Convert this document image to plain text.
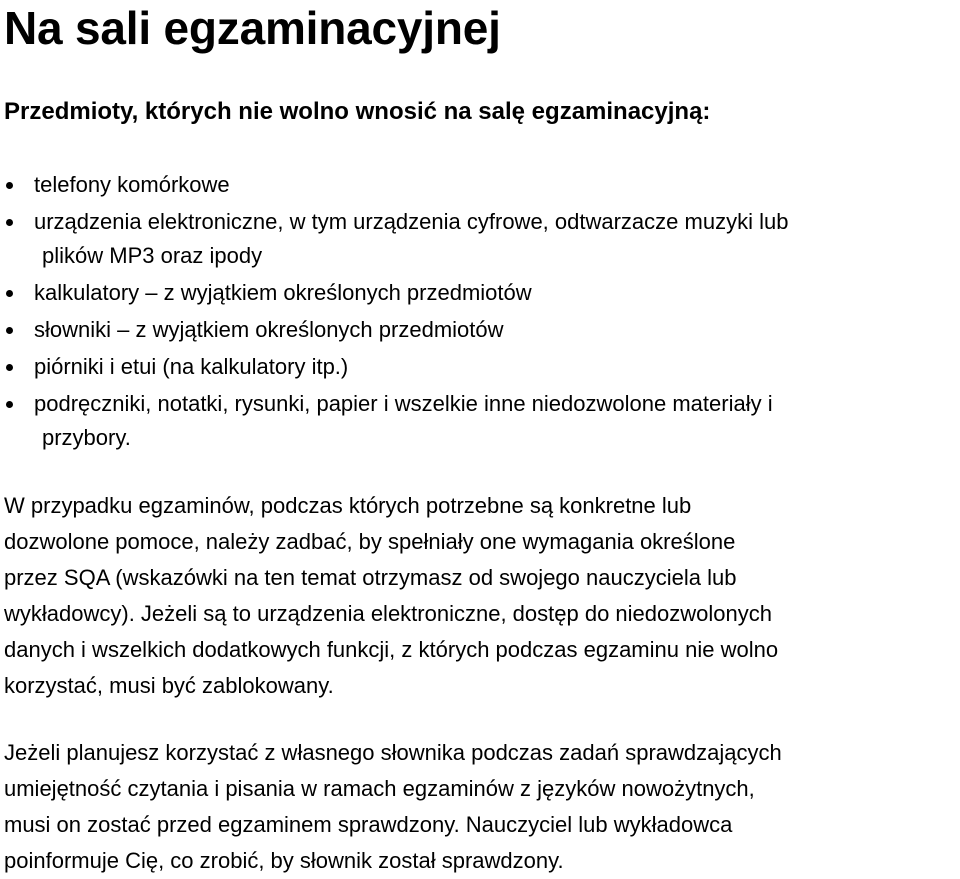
Na sali egzaminacyjnej
Przedmioty, których nie wolno wnosić na salę egzaminacyjną:
telefony komórkowe
urządzenia elektroniczne, w tym urządzenia cyfrowe, odtwarzacze muzyki lub
plików MP3 oraz ipody
kalkulatory – z wyjątkiem określonych przedmiotów
słowniki – z wyjątkiem określonych przedmiotów
piórniki i etui (na kalkulatory itp.)
podręczniki, notatki, rysunki, papier i wszelkie inne niedozwolone materiały i
przybory.

W przypadku egzaminów, podczas których potrzebne są konkretne lub
dozwolone pomoce, należy zadbać, by spełniały one wymagania określone
przez SQA (wskazówki na ten temat otrzymasz od swojego nauczyciela lub
wykładowcy). Jeżeli są to urządzenia elektroniczne, dostęp do niedozwolonych
danych i wszelkich dodatkowych funkcji, z których podczas egzaminu nie wolno
korzystać, musi być zablokowany.

Jeżeli planujesz korzystać z własnego słownika podczas zadań sprawdzających
umiejętność czytania i pisania w ramach egzaminów z języków nowożytnych,
musi on zostać przed egzaminem sprawdzony. Nauczyciel lub wykładowca
poinformuje Cię, co zrobić, by słownik został sprawdzony.
